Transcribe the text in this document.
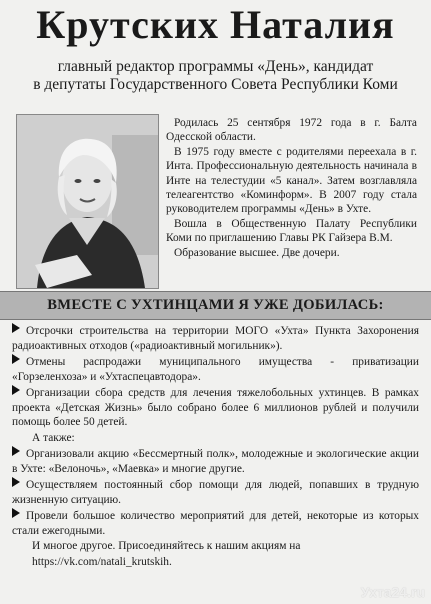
Крутских Наталия
главный редактор программы «День», кандидат
в депутаты Государственного Совета Республики Коми

Родилась 25 сентября 1972 года в г. Балта Одесской области.

В 1975 году вместе с родителями переехала в г. Инта. Профессиональную деятельность начинала в Инте на телестудии «5 канал». Затем возглавляла телеагентство «Коминформ». В 2007 году стала руководителем программы «День» в Ухте.

Вошла в Общественную Палату Республики Коми по приглашению Главы РК Гайзера В.М.

Образование высшее. Две дочери.

ВМЕСТЕ С УХТИНЦАМИ Я УЖЕ ДОБИЛАСЬ:

Отсрочки строительства на территории МОГО «Ухта» Пункта Захоронения радиоактивных отходов («радиоактивный могильник»).

Отмены распродажи муниципального имущества - приватизации «Горзеленхоза» и «Ухтаспецавтодора».

Организации сбора средств для лечения тяжелобольных ухтинцев. В рамках проекта «Детская Жизнь» было собрано более 6 миллионов рублей и получили помощь более 50 детей.

А также:

Организовали акцию «Бессмертный полк», молодежные и экологические акции в Ухте: «Велоночь», «Маевка» и многие другие.

Осуществляем постоянный сбор помощи для людей, попавших в трудную жизненную ситуацию.

Провели большое количество мероприятий для детей, некоторые из которых стали ежегодными.

И многое другое. Присоединяйтесь к нашим акциям на

https://vk.com/natali_krutskih.

Ухта24.ru
